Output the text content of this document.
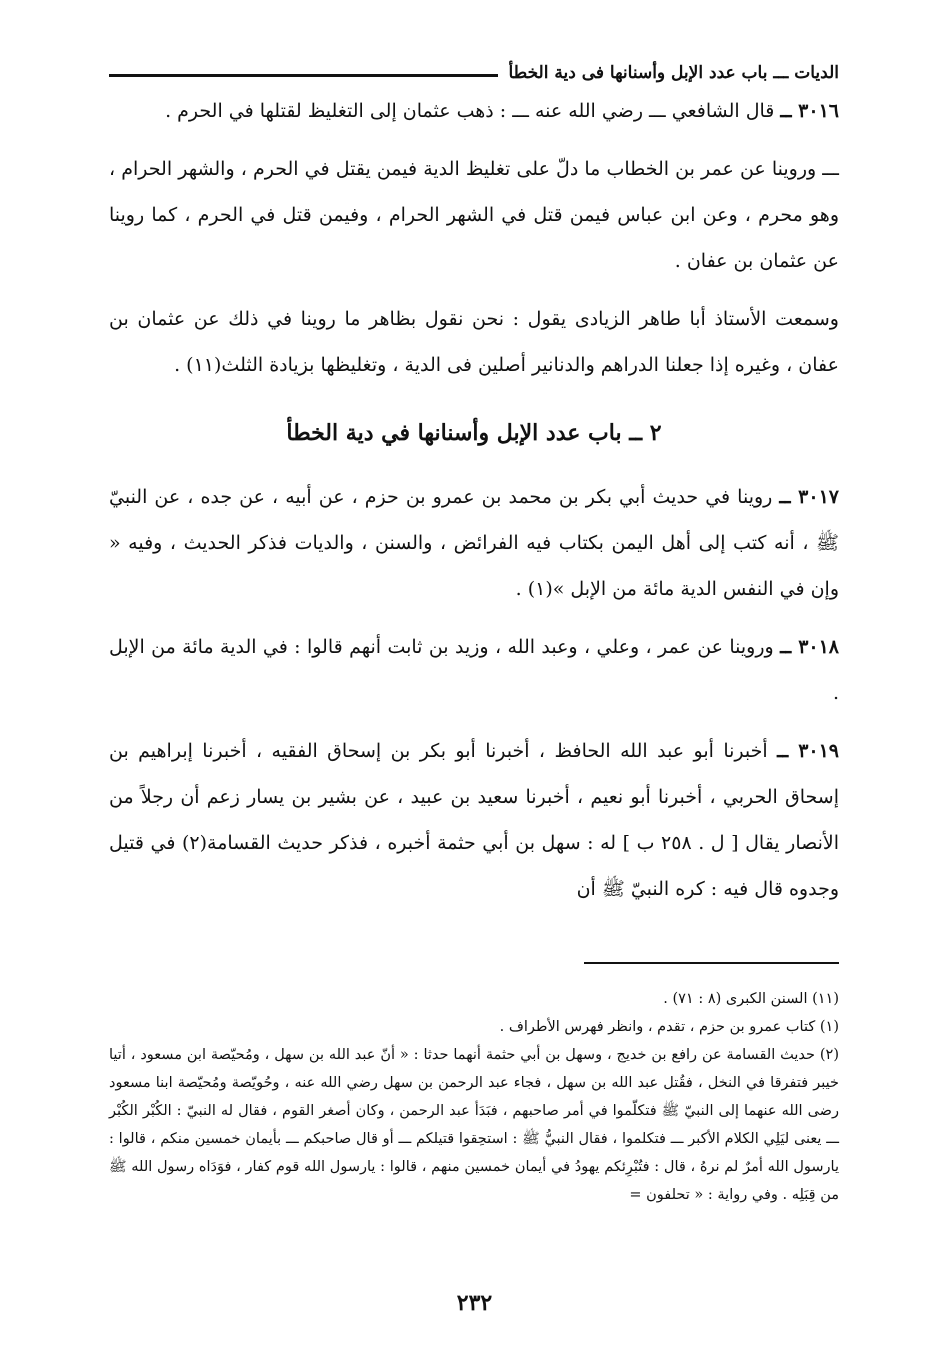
الديات ـــ باب عدد الإبل وأسنانها فى دية الخطأ

٣٠١٦ ــ قال الشافعي ـــ رضي الله عنه ـــ : ذهب عثمان إلى التغليظ لقتلها في الحرم .

ـــ وروينا عن عمر بن الخطاب ما دلّ على تغليظ الدية فيمن يقتل في الحرم ، والشهر الحرام ، وهو محرم ، وعن ابن عباس فيمن قتل في الشهر الحرام ، وفيمن قتل في الحرم ، كما روينا عن عثمان بن عفان .

وسمعت الأستاذ أبا طاهر الزيادى يقول : نحن نقول بظاهر ما روينا في ذلك عن عثمان بن عفان ، وغيره إذا جعلنا الدراهم والدنانير أصلين فى الدية ، وتغليظها بزيادة الثلث(١١) .

٢ ــ باب عدد الإبل وأسنانها في دية الخطأ

٣٠١٧ ــ روينا في حديث أبي بكر بن محمد بن عمرو بن حزم ، عن أبيه ، عن جده ، عن النبيّ ﷺ ، أنه كتب إلى أهل اليمن بكتاب فيه الفرائض ، والسنن ، والديات فذكر الحديث ، وفيه « وإن في النفس الدية مائة من الإبل »(١) .

٣٠١٨ ــ وروينا عن عمر ، وعلي ، وعبد الله ، وزيد بن ثابت أنهم قالوا : في الدية مائة من الإبل .

٣٠١٩ ــ أخبرنا أبو عبد الله الحافظ ، أخبرنا أبو بكر بن إسحاق الفقيه ، أخبرنا إبراهيم بن إسحاق الحربي ، أخبرنا أبو نعيم ، أخبرنا سعيد بن عبيد ، عن بشير بن يسار زعم أن رجلاً من الأنصار يقال [ ل . ٢٥٨ ب ] له : سهل بن أبي حثمة أخبره ، فذكر حديث القسامة(٢) في قتيل وجدوه قال فيه : كره النبيّ ﷺ أن

(١١) السنن الكبرى (٨ : ٧١) .

(١) كتاب عمرو بن حزم ، تقدم ، وانظر فهرس الأطراف .

(٢) حديث القسامة عن رافع بن خديج ، وسهل بن أبي حثمة أنهما حدثا : « أنّ عبد الله بن سهل ، ومُحيّصة ابن مسعود ، أتيا خيبر فتفرقا في النخل ، فقُتل عبد الله بن سهل ، فجاء عبد الرحمن بن سهل رضي الله عنه ، وحُويّصة ومُحيّصة ابنا مسعود رضى الله عنهما إلى النبيّ ﷺ فتكلّموا في أمر صاحبهم ، فبَدَأ عبد الرحمن ، وكان أصغر القوم ، فقال له النبيّ : الكُبْر الكُبْر ـــ يعنى ليَلِي الكلام الأكبر ـــ فتكلموا ، فقال النبيُّ ﷺ : استحِقوا قتيلكم ـــ أو قال صاحبكم ـــ بأيمان خمسين منكم ، قالوا : يارسول الله أمرٌ لم نرهُ ، قال : فتُبْرِئكم يهودُ في أيمان خمسين منهم ، قالوا : يارسول الله قوم كفار ، فوَدَاه رسول الله ﷺ من قِبَلِه . وفي رواية : « تحلفون =

٢٣٢
